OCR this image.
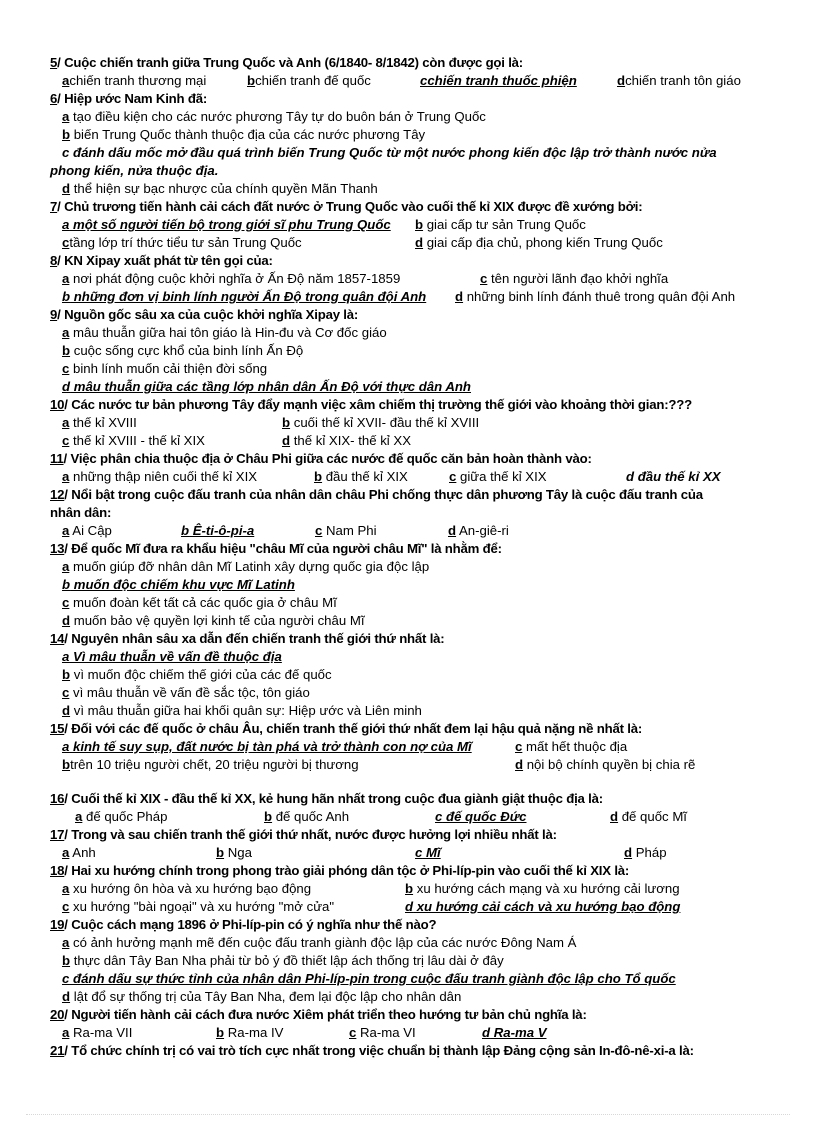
5/ Cuộc chiến tranh giữa Trung Quốc và Anh (6/1840- 8/1842) còn được gọi là:
achiến tranh thương mại	bchiến tranh đế quốc	cchiến tranh thuốc phiện	dchiến tranh tôn giáo
6/ Hiệp ước Nam Kinh đã:
a tạo điều kiện cho các nước phương Tây tự do buôn bán ở Trung Quốc
b biến Trung Quốc thành thuộc địa của các nước phương Tây
c đánh dấu mốc mở đầu quá trình biến Trung Quốc từ một nước phong kiến độc lập trở thành nước nửa
phong kiến, nửa thuộc địa.
d thể hiện sự bạc nhược của chính quyền Mãn Thanh
7/ Chủ trương tiến hành cải cách đất nước ở Trung Quốc vào cuối thế kỉ XIX được đề xướng bởi:
a một số người tiến bộ trong giới sĩ phu Trung Quốc b giai cấp tư sản Trung Quốc
ctầng lớp trí thức tiểu tư sản Trung Quốc	d giai cấp địa chủ, phong kiến Trung Quốc
8/ KN Xipay xuất phát từ tên gọi của:
a nơi phát động cuộc khởi nghĩa ở Ấn Độ năm 1857-1859	c tên người lãnh đạo khởi nghĩa
b những đơn vị binh lính người Ấn Độ trong quân đội Anh d những binh lính đánh thuê trong quân đội Anh
9/ Nguồn gốc sâu xa của cuộc khởi nghĩa Xipay là:
a mâu thuẫn giữa hai tôn giáo là Hin-đu và Cơ đốc giáo
b cuộc sống cực khổ của binh lính Ấn Độ
c binh lính muốn cải thiện đời sống
d mâu thuẫn giữa các tầng lớp nhân dân Ấn Độ với thực dân Anh
10/ Các nước tư bản phương Tây đẩy mạnh việc xâm chiếm thị trường thế giới vào khoảng thời gian:???
a thế kỉ XVIII	b cuối thế kỉ XVII- đầu thế kỉ XVIII
c thế kỉ XVIII - thế kỉ XIX	d thế kỉ XIX- thế kỉ XX
11/ Việc phân chia thuộc địa ở Châu Phi giữa các nước đế quốc căn bản hoàn thành vào:
a những thập niên cuối thế kỉ XIX	b đầu thế kỉ XIX	c giữa thế kỉ XIX	d đầu thế kỉ XX
12/ Nổi bật trong cuộc đấu tranh của nhân dân châu Phi chống thực dân phương Tây là cuộc đấu tranh của
nhân dân:
a Ai Cập	b Ê-ti-ô-pi-a	c Nam Phi	d An-giê-ri
13/ Để quốc Mĩ đưa ra khẩu hiệu "châu Mĩ của người châu Mĩ" là nhằm để:
a muốn giúp đỡ nhân dân Mĩ Latinh xây dựng quốc gia độc lập
b muốn độc chiếm khu vực Mĩ Latinh
c muốn đoàn kết tất cả các quốc gia ở châu Mĩ
d muốn bảo vệ quyền lợi kinh tế của người châu Mĩ
14/ Nguyên nhân sâu xa dẫn đến chiến tranh thế giới thứ nhất là:
a Vì mâu thuẫn về vấn đề thuộc địa
b vì muốn độc chiếm thế giới của các đế quốc
c vì mâu thuẫn về vấn đề sắc tộc, tôn giáo
d vì mâu thuẫn giữa hai khối quân sự: Hiệp ước và Liên minh
15/ Đối với các đế quốc ở châu Âu, chiến tranh thế giới thứ nhất đem lại hậu quả nặng nề nhất là:
a kinh tế suy sụp, đất nước bị tàn phá và trở thành con nợ của Mĩ	c mất hết thuộc địa
btrên 10 triệu người chết, 20 triệu người bị thương	d nội bộ chính quyền bị chia rẽ
16/ Cuối thế kỉ XIX - đầu thế kỉ XX, kẻ hung hãn nhất trong cuộc đua giành giật thuộc địa là:
a đế quốc Pháp	b đế quốc Anh	c đế quốc Đức	d đế quốc Mĩ
17/ Trong và sau chiến tranh thế giới thứ nhất, nước được hưởng lợi nhiều nhất là:
a Anh	b Nga	c Mĩ	d Pháp
18/ Hai xu hướng chính trong phong trào giải phóng dân tộc ở Phi-líp-pin vào cuối thế kỉ XIX là:
a xu hướng ôn hòa và xu hướng bạo động	b xu hướng cách mạng và xu hướng cải lương
c xu hướng "bài ngoại" và xu hướng "mở cửa"	d xu hướng cải cách và xu hướng bạo động
19/ Cuộc cách mạng 1896 ở Phi-líp-pin có ý nghĩa như thế nào?
a có ảnh hưởng mạnh mẽ đến cuộc đấu tranh giành độc lập của các nước Đông Nam Á
b thực dân Tây Ban Nha phải từ bỏ ý đồ thiết lập ách thống trị lâu dài ở đây
c đánh dấu sự thức tỉnh của nhân dân Phi-líp-pin trong cuộc đấu tranh giành độc lập cho Tổ quốc
d lật đổ sự thống trị của Tây Ban Nha, đem lại độc lập cho nhân dân
20/ Người tiến hành cải cách đưa nước Xiêm phát triển theo hướng tư bản chủ nghĩa là:
a Ra-ma VII	b Ra-ma IV	c Ra-ma VI	d Ra-ma V
21/ Tổ chức chính trị có vai trò tích cực nhất trong việc chuẩn bị thành lập Đảng cộng sản In-đô-nê-xi-a là:
